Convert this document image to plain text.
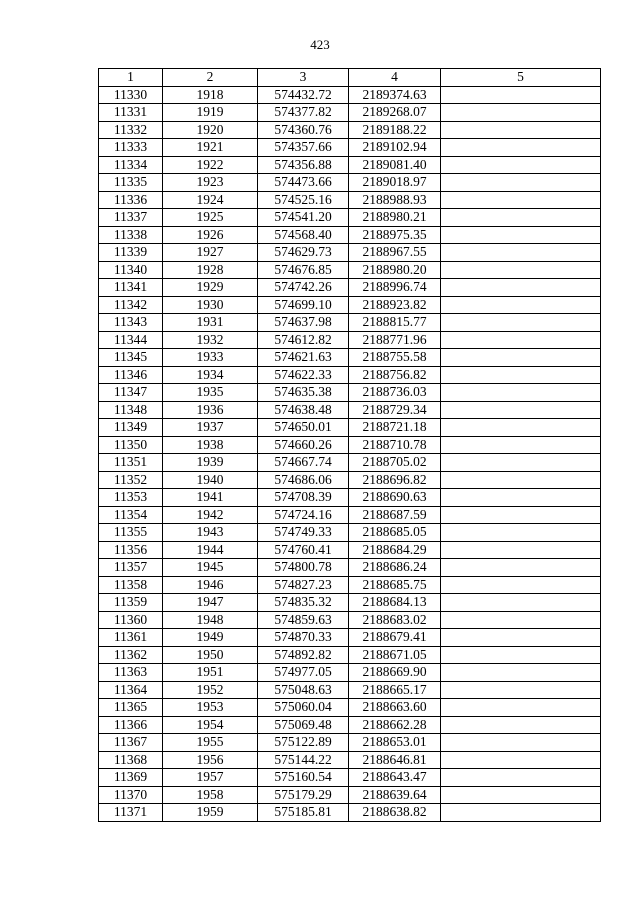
423
1	2	3	4	5
11330	1918	574432.72	2189374.63	
11331	1919	574377.82	2189268.07	
11332	1920	574360.76	2189188.22	
11333	1921	574357.66	2189102.94	
11334	1922	574356.88	2189081.40	
11335	1923	574473.66	2189018.97	
11336	1924	574525.16	2188988.93	
11337	1925	574541.20	2188980.21	
11338	1926	574568.40	2188975.35	
11339	1927	574629.73	2188967.55	
11340	1928	574676.85	2188980.20	
11341	1929	574742.26	2188996.74	
11342	1930	574699.10	2188923.82	
11343	1931	574637.98	2188815.77	
11344	1932	574612.82	2188771.96	
11345	1933	574621.63	2188755.58	
11346	1934	574622.33	2188756.82	
11347	1935	574635.38	2188736.03	
11348	1936	574638.48	2188729.34	
11349	1937	574650.01	2188721.18	
11350	1938	574660.26	2188710.78	
11351	1939	574667.74	2188705.02	
11352	1940	574686.06	2188696.82	
11353	1941	574708.39	2188690.63	
11354	1942	574724.16	2188687.59	
11355	1943	574749.33	2188685.05	
11356	1944	574760.41	2188684.29	
11357	1945	574800.78	2188686.24	
11358	1946	574827.23	2188685.75	
11359	1947	574835.32	2188684.13	
11360	1948	574859.63	2188683.02	
11361	1949	574870.33	2188679.41	
11362	1950	574892.82	2188671.05	
11363	1951	574977.05	2188669.90	
11364	1952	575048.63	2188665.17	
11365	1953	575060.04	2188663.60	
11366	1954	575069.48	2188662.28	
11367	1955	575122.89	2188653.01	
11368	1956	575144.22	2188646.81	
11369	1957	575160.54	2188643.47	
11370	1958	575179.29	2188639.64	
11371	1959	575185.81	2188638.82	
